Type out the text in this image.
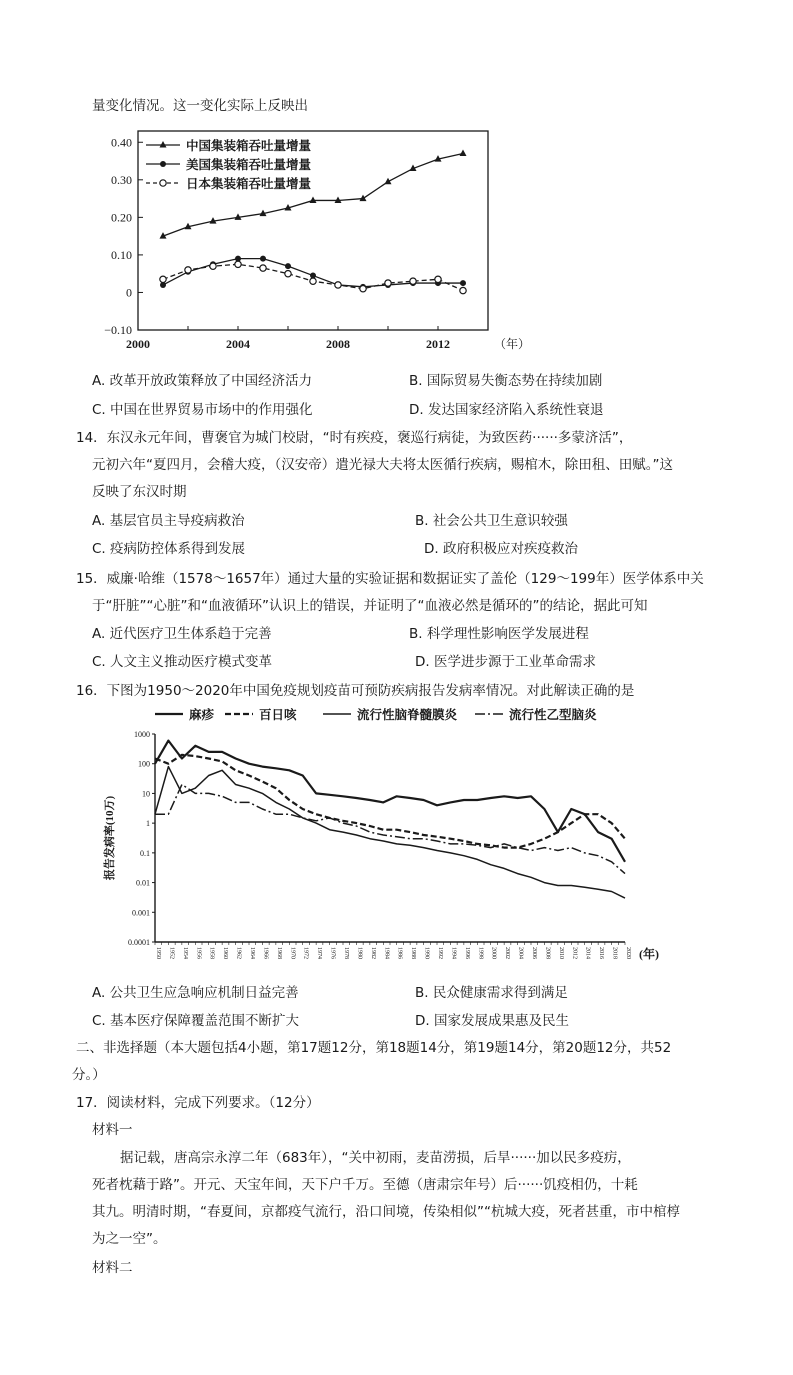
量变化情况。这一变化实际上反映出
0.40
0.30
0.20
0.10
0
−0.10
2000	2004	2008	2012	（年）
中国集装箱吞吐量增量
美国集装箱吞吐量增量
日本集装箱吞吐量增量
A. 改革开放政策释放了中国经济活力	B. 国际贸易失衡态势在持续加剧
C. 中国在世界贸易市场中的作用强化	D. 发达国家经济陷入系统性衰退
14．东汉永元年间，曹褒官为城门校尉，“时有疾疫，褒巡行病徒，为致医药······多蒙济活”，
元初六年“夏四月，会稽大疫，（汉安帝）遣光禄大夫将太医循行疾病，赐棺木，除田租、田赋。”这
反映了东汉时期
A. 基层官员主导疫病救治	B. 社会公共卫生意识较强
C. 疫病防控体系得到发展	D. 政府积极应对疾疫救治
15．威廉·哈维（1578～1657年）通过大量的实验证据和数据证实了盖伦（129～199年）医学体系中关
于“肝脏”“心脏”和“血液循环”认识上的错误，并证明了“血液必然是循环的”的结论，据此可知
A. 近代医疗卫生体系趋于完善	B. 科学理性影响医学发展进程
C. 人文主义推动医疗模式变革	D. 医学进步源于工业革命需求
16．下图为1950～2020年中国免疫规划疫苗可预防疾病报告发病率情况。对此解读正确的是
麻疹	百日咳	流行性脑脊髓膜炎	流行性乙型脑炎
1000
100
10
1
0.1
0.01
0.001
0.0001
1950 1952 1954 1956 1958 1960 1962 1964 1966 1968 1970 1972 1974 1976 1978 1980 1982 1984 1986 1988 1990 1992 1994 1996 1998 2000 2002 2004 2006 2008 2010 2012 2014 2016 2018 2020 (年)
报告发病率(10万)
A. 公共卫生应急响应机制日益完善	B. 民众健康需求得到满足
C. 基本医疗保障覆盖范围不断扩大	D. 国家发展成果惠及民生
二、非选择题（本大题包括4小题，第17题12分，第18题14分，第19题14分，第20题12分，共52
分。）
17．阅读材料，完成下列要求。（12分）
材料一
据记载，唐高宗永淳二年（683年），“关中初雨，麦苗涝损，后旱······加以民多疫疠，
死者枕藉于路”。开元、天宝年间，天下户千万。至德（唐肃宗年号）后······饥疫相仍，十耗
其九。明清时期，“春夏间，京都疫气流行，沿口间境，传染相似”“杭城大疫，死者甚重，市中棺椁
为之一空”。
材料二
